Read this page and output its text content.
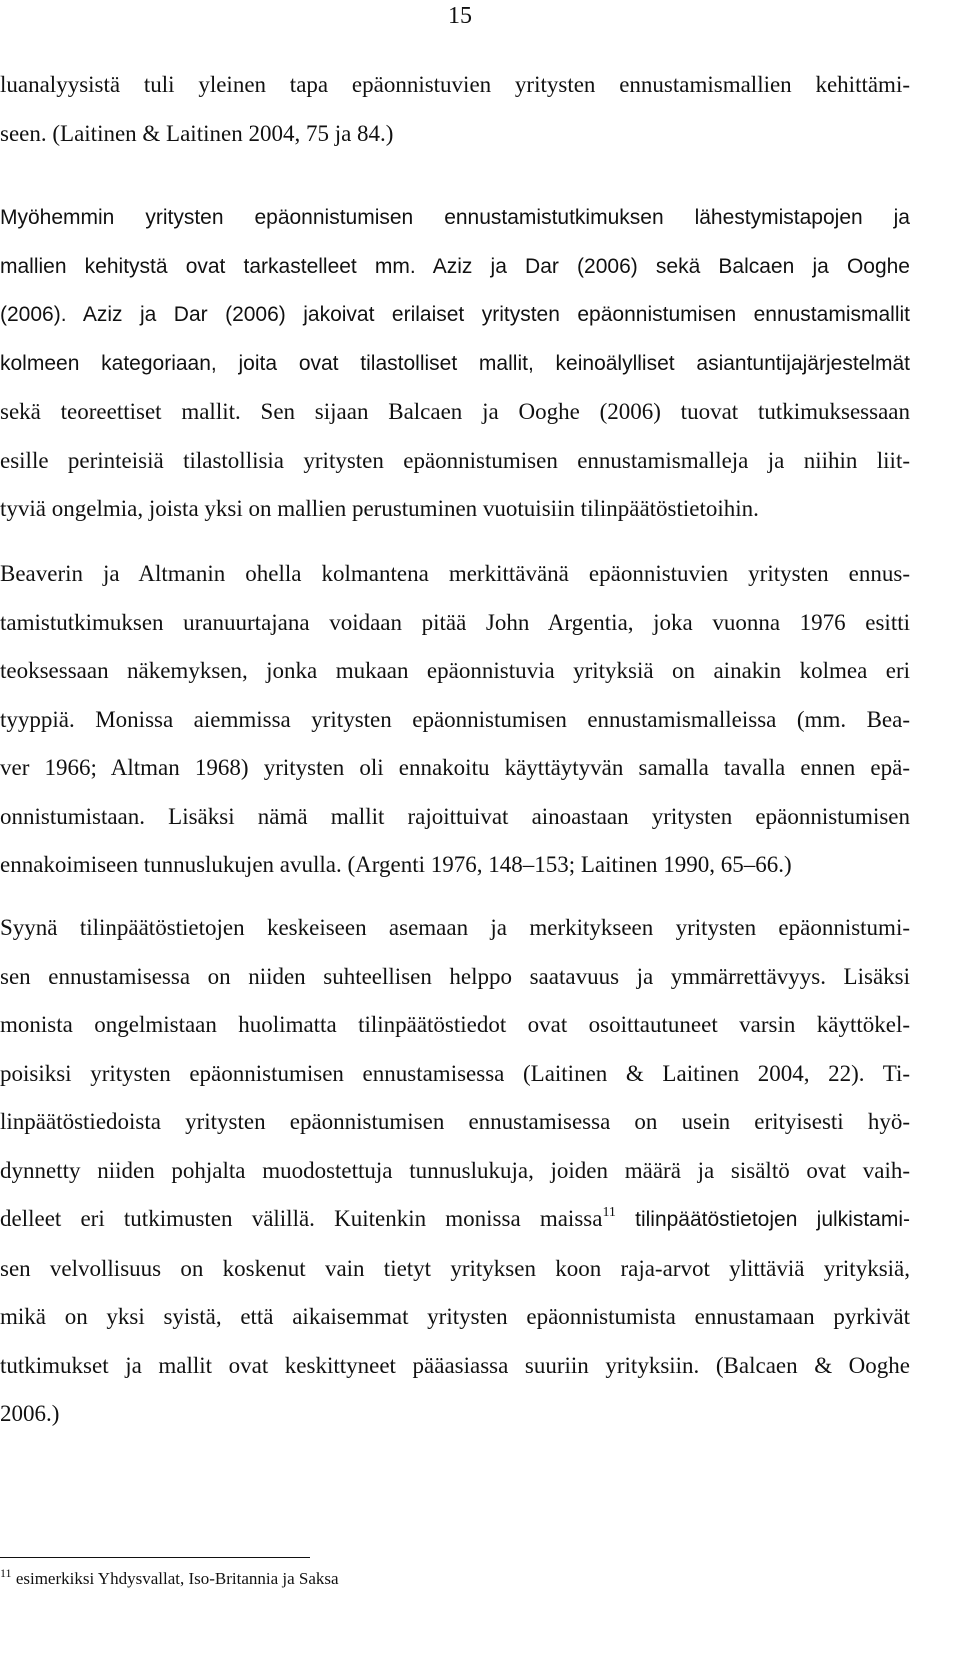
15
luanalyysistä tuli yleinen tapa epäonnistuvien yritysten ennustamismallien kehittämi-
seen. (Laitinen & Laitinen 2004, 75 ja 84.)
Myöhemmin yritysten epäonnistumisen ennustamistutkimuksen lähestymistapojen ja
mallien kehitystä ovat tarkastelleet mm. Aziz ja Dar (2006) sekä Balcaen ja Ooghe
(2006). Aziz ja Dar (2006) jakoivat erilaiset yritysten epäonnistumisen ennustamismallit
kolmeen kategoriaan, joita ovat tilastolliset mallit, keinoälylliset asiantuntijajärjestelmät
sekä teoreettiset mallit. Sen sijaan Balcaen ja Ooghe (2006) tuovat tutkimuksessaan
esille perinteisiä tilastollisia yritysten epäonnistumisen ennustamismalleja ja niihin liit-
tyviä ongelmia, joista yksi on mallien perustuminen vuotuisiin tilinpäätöstietoihin.
Beaverin ja Altmanin ohella kolmantena merkittävänä epäonnistuvien yritysten ennus-
tamistutkimuksen uranuurtajana voidaan pitää John Argentia, joka vuonna 1976 esitti
teoksessaan näkemyksen, jonka mukaan epäonnistuvia yrityksiä on ainakin kolmea eri
tyyppiä. Monissa aiemmissa yritysten epäonnistumisen ennustamismalleissa (mm. Bea-
ver 1966; Altman 1968) yritysten oli ennakoitu käyttäytyvän samalla tavalla ennen epä-
onnistumistaan. Lisäksi nämä mallit rajoittuivat ainoastaan yritysten epäonnistumisen
ennakoimiseen tunnuslukujen avulla. (Argenti 1976, 148–153; Laitinen 1990, 65–66.)
Syynä tilinpäätöstietojen keskeiseen asemaan ja merkitykseen yritysten epäonnistumi-
sen ennustamisessa on niiden suhteellisen helppo saatavuus ja ymmärrettävyys. Lisäksi
monista ongelmistaan huolimatta tilinpäätöstiedot ovat osoittautuneet varsin käyttökel-
poisiksi yritysten epäonnistumisen ennustamisessa (Laitinen & Laitinen 2004, 22). Ti-
linpäätöstiedoista yritysten epäonnistumisen ennustamisessa on usein erityisesti hyö-
dynnetty niiden pohjalta muodostettuja tunnuslukuja, joiden määrä ja sisältö ovat vaih-
delleet eri tutkimusten välillä. Kuitenkin monissa maissa$^{11}$ tilinpäätöstietojen julkistami-
sen velvollisuus on koskenut vain tietyt yrityksen koon raja-arvot ylittäviä yrityksiä,
mikä on yksi syistä, että aikaisemmat yritysten epäonnistumista ennustamaan pyrkivät
tutkimukset ja mallit ovat keskittyneet pääasiassa suuriin yrityksiin. (Balcaen & Ooghe
2006.)
$^{11}$ esimerkiksi Yhdysvallat, Iso-Britannia ja Saksa
